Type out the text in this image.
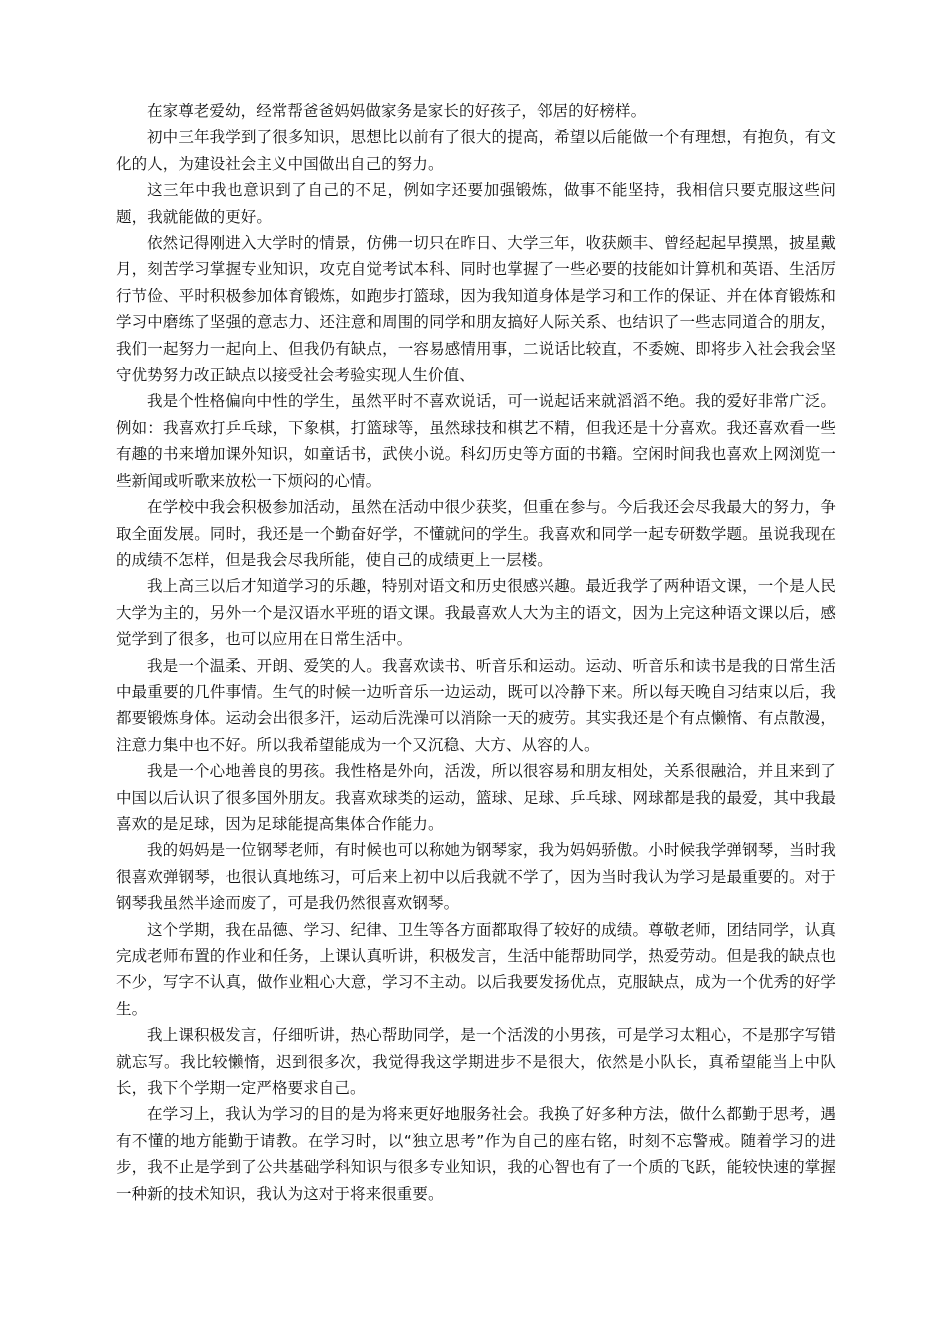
在家尊老爱幼，经常帮爸爸妈妈做家务是家长的好孩子，邻居的好榜样。

初中三年我学到了很多知识，思想比以前有了很大的提高，希望以后能做一个有理想，有抱负，有文化的人，为建设社会主义中国做出自己的努力。

这三年中我也意识到了自己的不足，例如字还要加强锻炼，做事不能坚持，我相信只要克服这些问题，我就能做的更好。

依然记得刚进入大学时的情景，仿佛一切只在昨日、大学三年，收获颇丰、曾经起起早摸黑，披星戴月，刻苦学习掌握专业知识，攻克自觉考试本科、同时也掌握了一些必要的技能如计算机和英语、生活厉行节俭、平时积极参加体育锻炼，如跑步打篮球，因为我知道身体是学习和工作的保证、并在体育锻炼和学习中磨练了坚强的意志力、还注意和周围的同学和朋友搞好人际关系、也结识了一些志同道合的朋友，我们一起努力一起向上、但我仍有缺点，一容易感情用事，二说话比较直，不委婉、即将步入社会我会坚守优势努力改正缺点以接受社会考验实现人生价值、

我是个性格偏向中性的学生，虽然平时不喜欢说话，可一说起话来就滔滔不绝。我的爱好非常广泛。例如：我喜欢打乒乓球，下象棋，打篮球等，虽然球技和棋艺不精，但我还是十分喜欢。我还喜欢看一些有趣的书来增加课外知识，如童话书，武侠小说。科幻历史等方面的书籍。空闲时间我也喜欢上网浏览一些新闻或听歌来放松一下烦闷的心情。

在学校中我会积极参加活动，虽然在活动中很少获奖，但重在参与。今后我还会尽我最大的努力，争取全面发展。同时，我还是一个勤奋好学，不懂就问的学生。我喜欢和同学一起专研数学题。虽说我现在的成绩不怎样，但是我会尽我所能，使自己的成绩更上一层楼。

我上高三以后才知道学习的乐趣，特别对语文和历史很感兴趣。最近我学了两种语文课，一个是人民大学为主的，另外一个是汉语水平班的语文课。我最喜欢人大为主的语文，因为上完这种语文课以后，感觉学到了很多，也可以应用在日常生活中。

我是一个温柔、开朗、爱笑的人。我喜欢读书、听音乐和运动。运动、听音乐和读书是我的日常生活中最重要的几件事情。生气的时候一边听音乐一边运动，既可以冷静下来。所以每天晚自习结束以后，我都要锻炼身体。运动会出很多汗，运动后洗澡可以消除一天的疲劳。其实我还是个有点懒惰、有点散漫，注意力集中也不好。所以我希望能成为一个又沉稳、大方、从容的人。

我是一个心地善良的男孩。我性格是外向，活泼，所以很容易和朋友相处，关系很融洽，并且来到了中国以后认识了很多国外朋友。我喜欢球类的运动，篮球、足球、乒乓球、网球都是我的最爱，其中我最喜欢的是足球，因为足球能提高集体合作能力。

我的妈妈是一位钢琴老师，有时候也可以称她为钢琴家，我为妈妈骄傲。小时候我学弹钢琴，当时我很喜欢弹钢琴，也很认真地练习，可后来上初中以后我就不学了，因为当时我认为学习是最重要的。对于钢琴我虽然半途而废了，可是我仍然很喜欢钢琴。

这个学期，我在品德、学习、纪律、卫生等各方面都取得了较好的成绩。尊敬老师，团结同学，认真完成老师布置的作业和任务，上课认真听讲，积极发言，生活中能帮助同学，热爱劳动。但是我的缺点也不少，写字不认真，做作业粗心大意，学习不主动。以后我要发扬优点，克服缺点，成为一个优秀的好学生。

我上课积极发言，仔细听讲，热心帮助同学，是一个活泼的小男孩，可是学习太粗心，不是那字写错就忘写。我比较懒惰，迟到很多次，我觉得我这学期进步不是很大，依然是小队长，真希望能当上中队长，我下个学期一定严格要求自己。

在学习上，我认为学习的目的是为将来更好地服务社会。我换了好多种方法，做什么都勤于思考，遇有不懂的地方能勤于请教。在学习时，以“独立思考”作为自己的座右铭，时刻不忘警戒。随着学习的进步，我不止是学到了公共基础学科知识与很多专业知识，我的心智也有了一个质的飞跃，能较快速的掌握一种新的技术知识，我认为这对于将来很重要。
